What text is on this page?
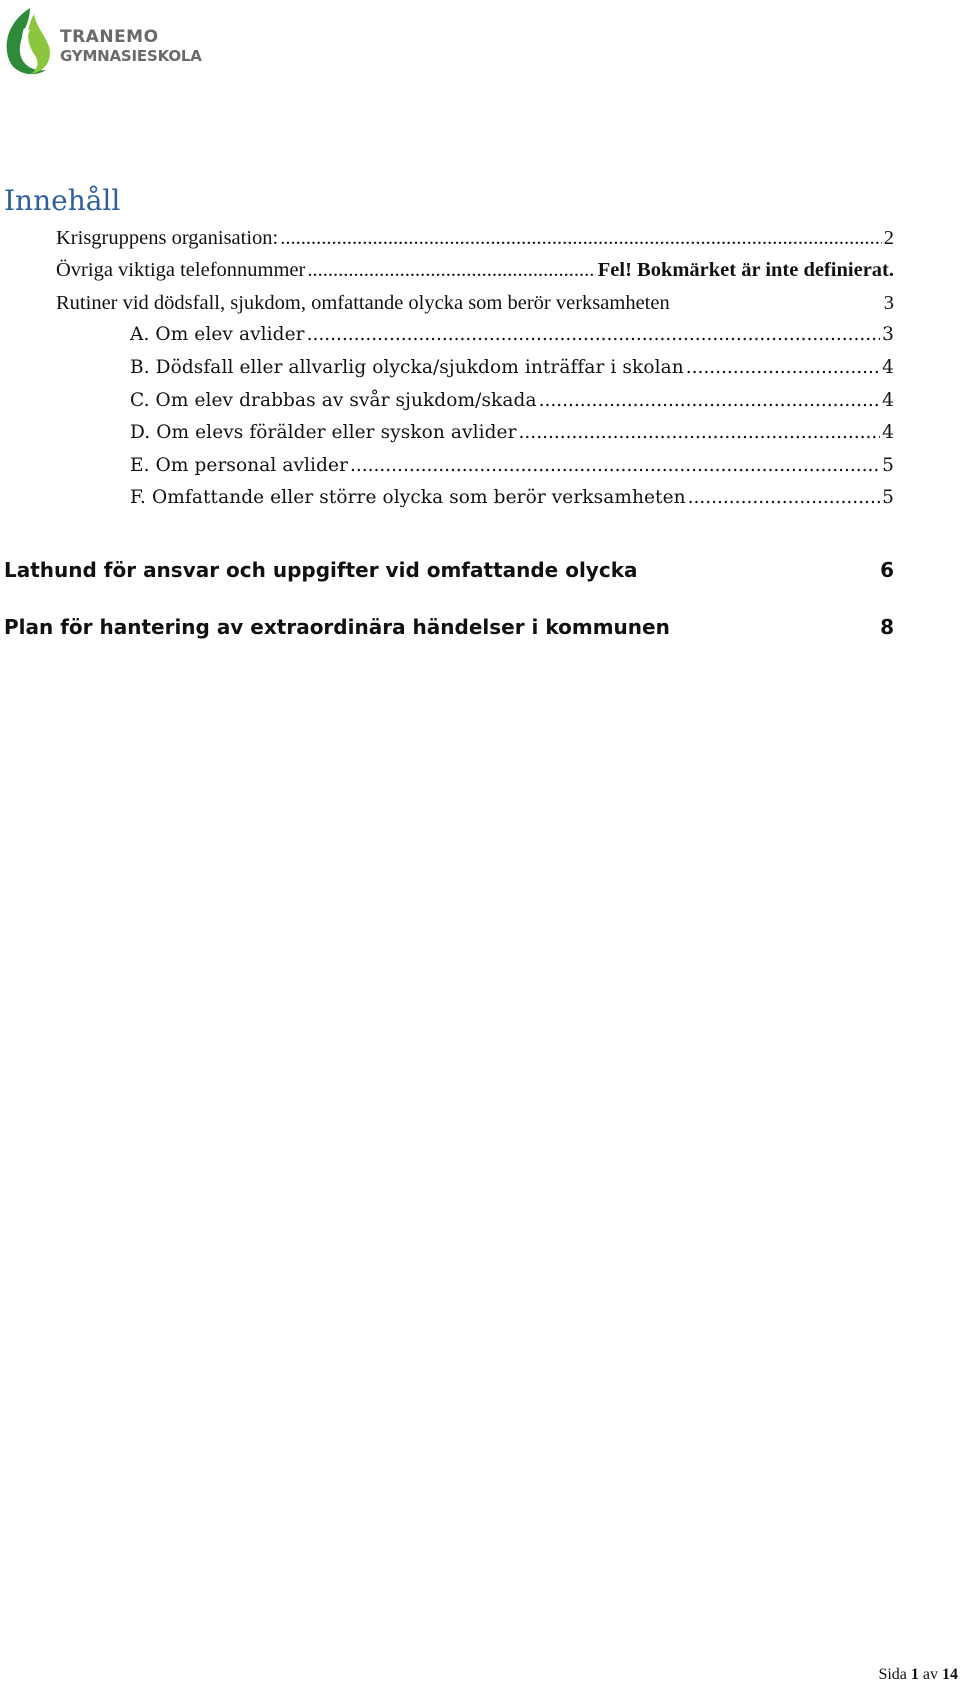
TRANEMO
GYMNASIESKOLA
Innehåll
Krisgruppens organisation: .....	2
Övriga viktiga telefonnummer .....	Fel! Bokmärket är inte definierat.
Rutiner vid dödsfall, sjukdom, omfattande olycka som berör verksamheten	3
A. Om elev avlider .....	3
B. Dödsfall eller allvarlig olycka/sjukdom inträffar i skolan .....	4
C. Om elev drabbas av svår sjukdom/skada .....	4
D. Om elevs förälder eller syskon avlider .....	4
E. Om personal avlider .....	5
F. Omfattande eller större olycka som berör verksamheten .....	5
Lathund för ansvar och uppgifter vid omfattande olycka	6
Plan för hantering av extraordinära händelser i kommunen	8
Sida 1 av 14
